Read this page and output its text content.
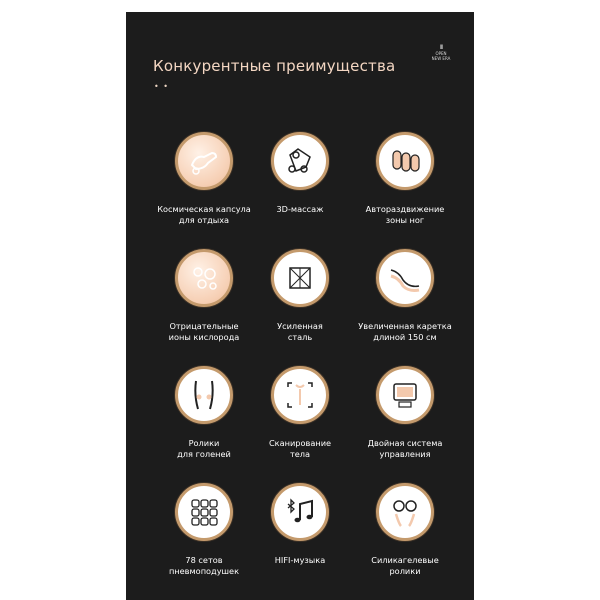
Конкурентные преимущества
III
OPEN
NEW ERA
• •
Космическая капсула
для отдыха
3D-массаж	Автораздвижение
зоны ног
Отрицательные
ионы кислорода
Усиленная
сталь
Увеличенная каретка
длиной 150 см
Ролики
для голеней
Сканирование
тела
Двойная система
управления
78 сетов
пневмоподушек
HIFI-музыка	Силикагелевые
ролики
